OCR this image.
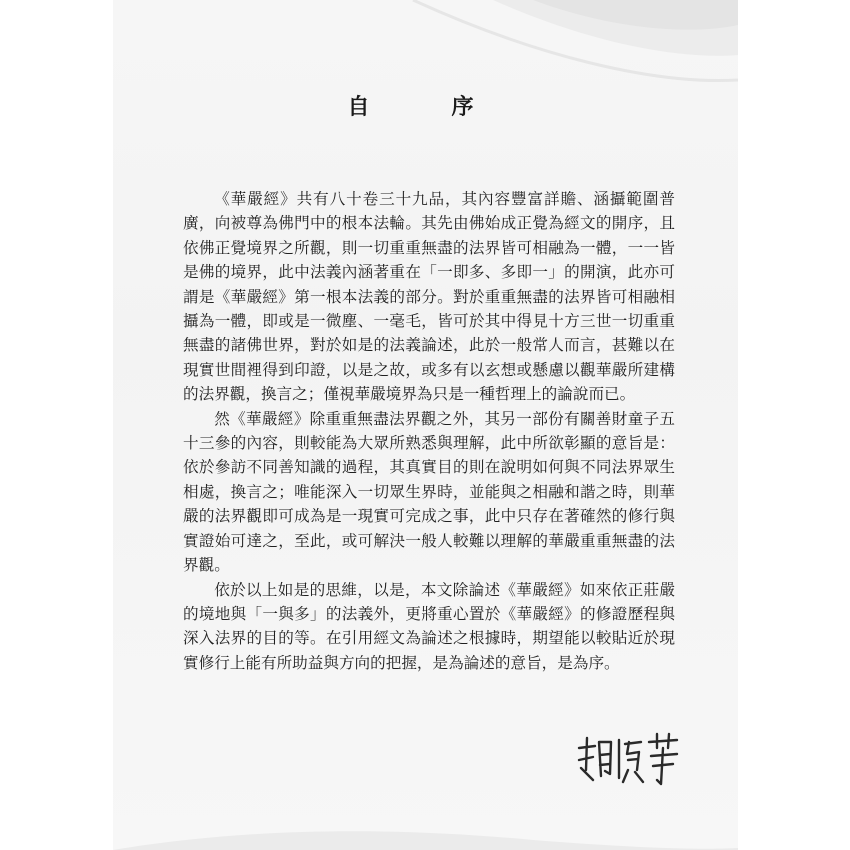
自　序

《華嚴經》共有八十卷三十九品，其內容豐富詳贍、涵攝範圍普廣，向被尊為佛門中的根本法輪。其先由佛始成正覺為經文的開序，且依佛正覺境界之所觀，則一切重重無盡的法界皆可相融為一體，一一皆是佛的境界，此中法義內涵著重在「一即多、多即一」的開演，此亦可謂是《華嚴經》第一根本法義的部分。對於重重無盡的法界皆可相融相攝為一體，即或是一微塵、一毫毛，皆可於其中得見十方三世一切重重無盡的諸佛世界，對於如是的法義論述，此於一般常人而言，甚難以在現實世間裡得到印證，以是之故，或多有以玄想或懸慮以觀華嚴所建構的法界觀，換言之；僅視華嚴境界為只是一種哲理上的論說而已。

然《華嚴經》除重重無盡法界觀之外，其另一部份有關善財童子五十三參的內容，則較能為大眾所熟悉與理解，此中所欲彰顯的意旨是：依於參訪不同善知識的過程，其真實目的則在說明如何與不同法界眾生相處，換言之；唯能深入一切眾生界時，並能與之相融和諧之時，則華嚴的法界觀即可成為是一現實可完成之事，此中只存在著確然的修行與實證始可達之，至此，或可解決一般人較難以理解的華嚴重重無盡的法界觀。

依於以上如是的思維，以是，本文除論述《華嚴經》如來依正莊嚴的境地與「一與多」的法義外，更將重心置於《華嚴經》的修證歷程與深入法界的目的等。在引用經文為論述之根據時，期望能以較貼近於現實修行上能有所助益與方向的把握，是為論述的意旨，是為序。
